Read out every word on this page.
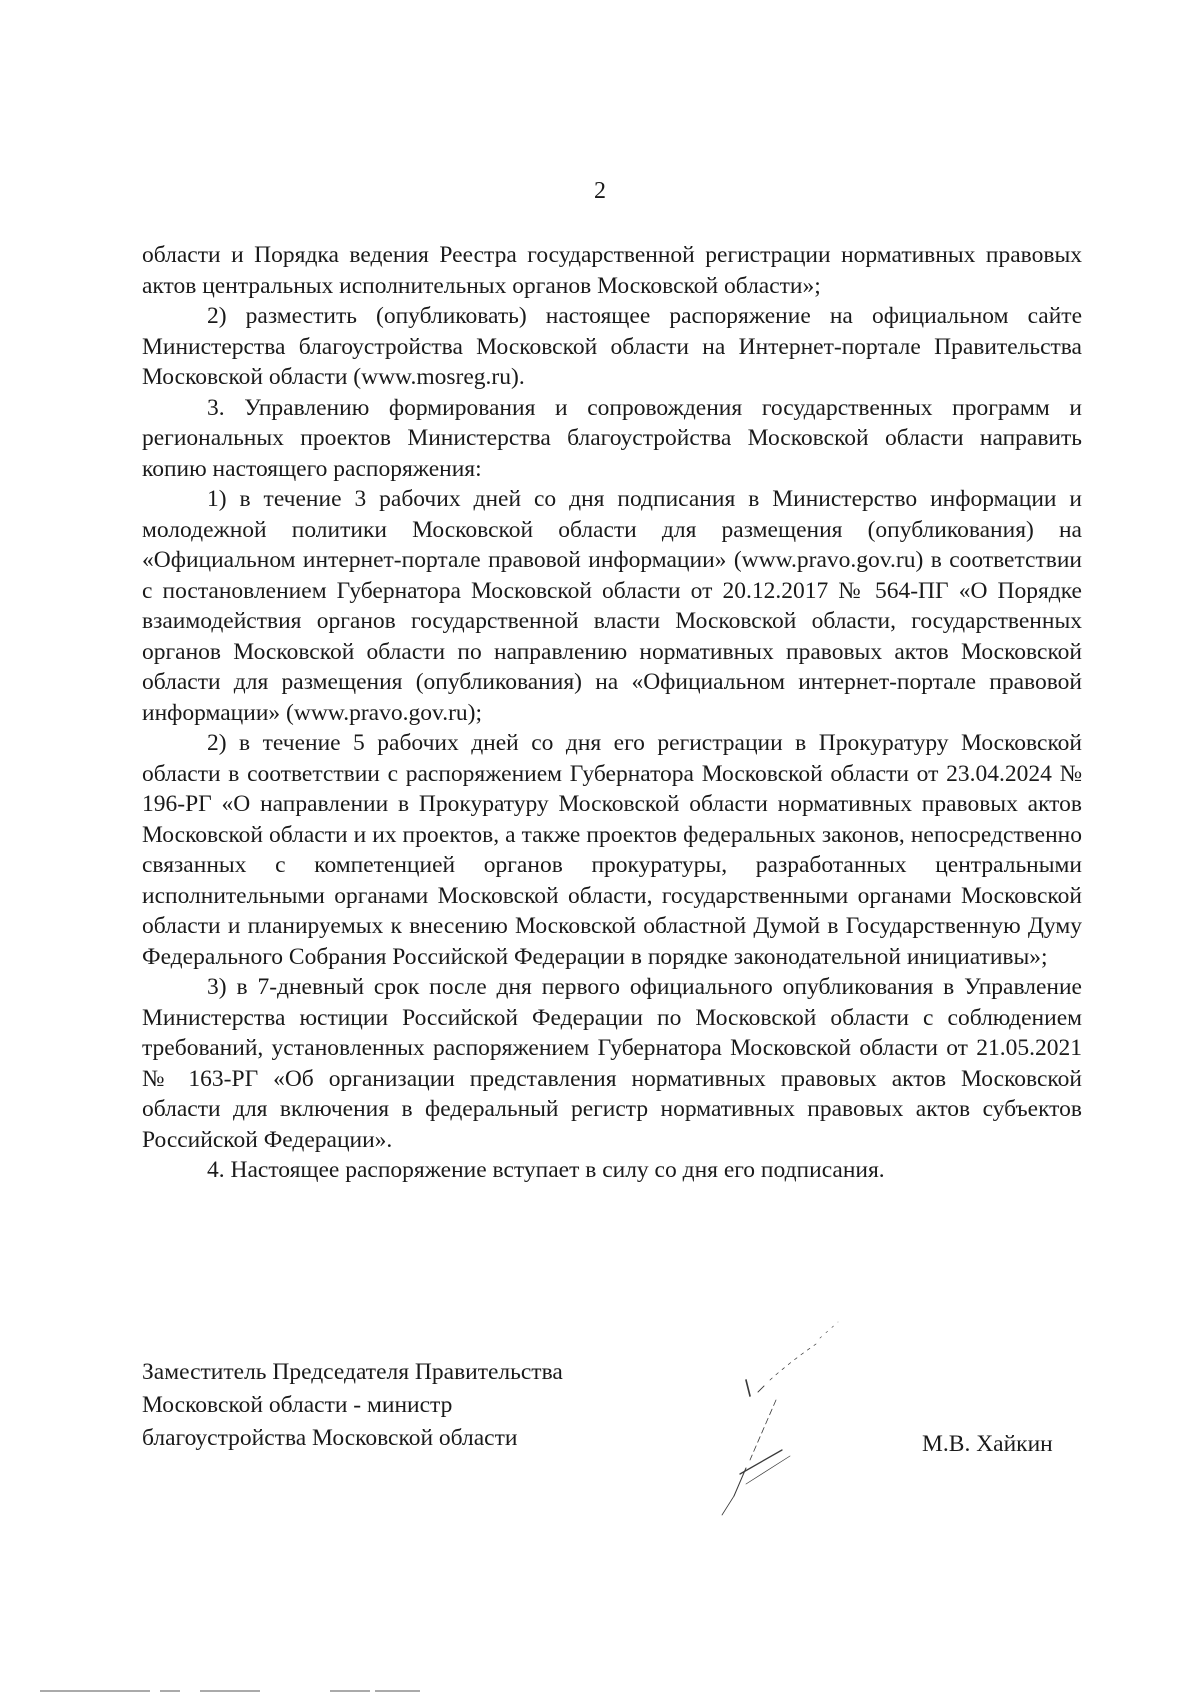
2

области и Порядка ведения Реестра государственной регистрации нормативных правовых актов центральных исполнительных органов Московской области»;

2) разместить (опубликовать) настоящее распоряжение на официальном сайте Министерства благоустройства Московской области на Интернет-портале Правительства Московской области (www.mosreg.ru).

3. Управлению формирования и сопровождения государственных программ и региональных проектов Министерства благоустройства Московской области направить копию настоящего распоряжения:

1) в течение 3 рабочих дней со дня подписания в Министерство информации и молодежной политики Московской области для размещения (опубликования) на «Официальном интернет-портале правовой информации» (www.pravo.gov.ru) в соответствии с постановлением Губернатора Московской области от 20.12.2017 № 564-ПГ «О Порядке взаимодействия органов государственной власти Московской области, государственных органов Московской области по направлению нормативных правовых актов Московской области для размещения (опубликования) на «Официальном интернет-портале правовой информации» (www.pravo.gov.ru);

2) в течение 5 рабочих дней со дня его регистрации в Прокуратуру Московской области в соответствии с распоряжением Губернатора Московской области от 23.04.2024 № 196-РГ «О направлении в Прокуратуру Московской области нормативных правовых актов Московской области и их проектов, а также проектов федеральных законов, непосредственно связанных с компетенцией органов прокуратуры, разработанных центральными исполнительными органами Московской области, государственными органами Московской области и планируемых к внесению Московской областной Думой в Государственную Думу Федерального Собрания Российской Федерации в порядке законодательной инициативы»;

3) в 7-дневный срок после дня первого официального опубликования в Управление Министерства юстиции Российской Федерации по Московской области с соблюдением требований, установленных распоряжением Губернатора Московской области от 21.05.2021 № 163-РГ «Об организации представления нормативных правовых актов Московской области для включения в федеральный регистр нормативных правовых актов субъектов Российской Федерации».

4. Настоящее распоряжение вступает в силу со дня его подписания.

Заместитель Председателя Правительства
Московской области - министр
благоустройства Московской области	М.В. Хайкин
